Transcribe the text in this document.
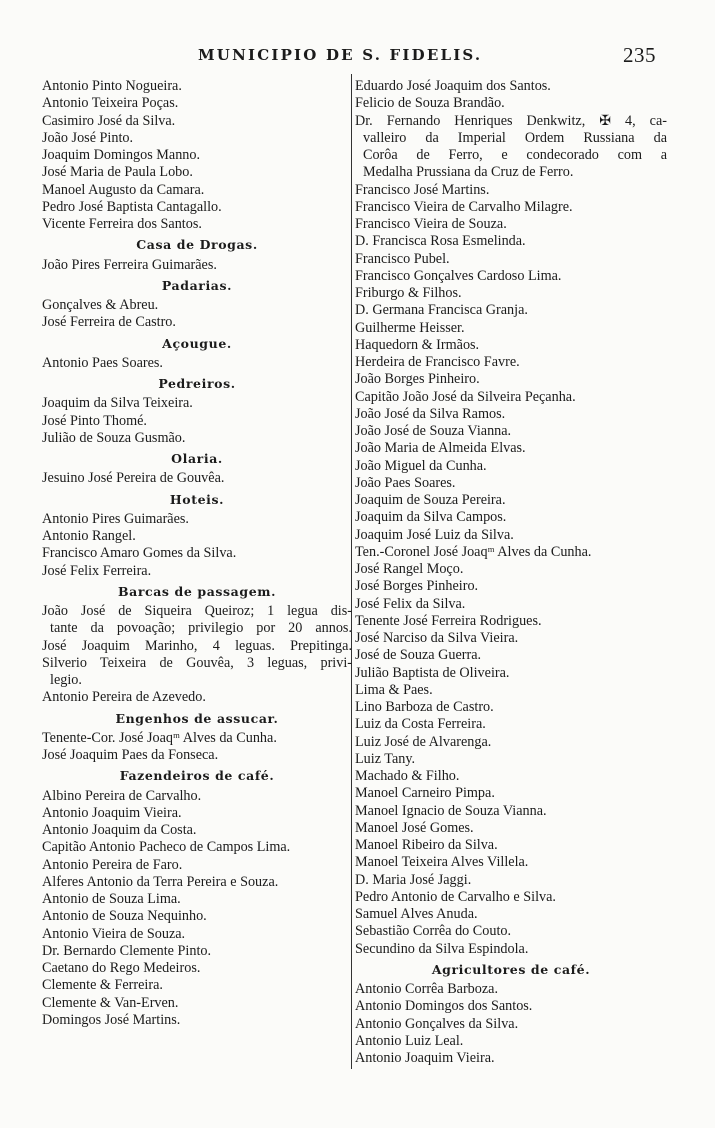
MUNICIPIO DE S. FIDELIS.	235
Antonio Pinto Nogueira.
Antonio Teixeira Poças.
Casimiro José da Silva.
João José Pinto.
Joaquim Domingos Manno.
José Maria de Paula Lobo.
Manoel Augusto da Camara.
Pedro José Baptista Cantagallo.
Vicente Ferreira dos Santos.
Casa de Drogas.
João Pires Ferreira Guimarães.
Padarias.
Gonçalves & Abreu.
José Ferreira de Castro.
Açougue.
Antonio Paes Soares.
Pedreiros.
Joaquim da Silva Teixeira.
José Pinto Thomé.
Julião de Souza Gusmão.
Olaria.
Jesuino José Pereira de Gouvêa.
Hoteis.
Antonio Pires Guimarães.
Antonio Rangel.
Francisco Amaro Gomes da Silva.
José Felix Ferreira.
Barcas de passagem.
João José de Siqueira Queiroz; 1 legua dis-
tante da povoação; privilegio por 20 annos.
José Joaquim Marinho, 4 leguas. Prepitinga.
Silverio Teixeira de Gouvêa, 3 leguas, privi-
legio.
Antonio Pereira de Azevedo.
Engenhos de assucar.
Tenente-Cor. José Joaqᵐ Alves da Cunha.
José Joaquim Paes da Fonseca.
Fazendeiros de café.
Albino Pereira de Carvalho.
Antonio Joaquim Vieira.
Antonio Joaquim da Costa.
Capitão Antonio Pacheco de Campos Lima.
Antonio Pereira de Faro.
Alferes Antonio da Terra Pereira e Souza.
Antonio de Souza Lima.
Antonio de Souza Nequinho.
Antonio Vieira de Souza.
Dr. Bernardo Clemente Pinto.
Caetano do Rego Medeiros.
Clemente & Ferreira.
Clemente & Van-Erven.
Domingos José Martins.
Eduardo José Joaquim dos Santos.
Felicio de Souza Brandão.
Dr. Fernando Henriques Denkwitz, ✠ 4, ca-
valleiro da Imperial Ordem Russiana da
Corôa de Ferro, e condecorado com a
Medalha Prussiana da Cruz de Ferro.
Francisco José Martins.
Francisco Vieira de Carvalho Milagre.
Francisco Vieira de Souza.
D. Francisca Rosa Esmelinda.
Francisco Pubel.
Francisco Gonçalves Cardoso Lima.
Friburgo & Filhos.
D. Germana Francisca Granja.
Guilherme Heisser.
Haquedorn & Irmãos.
Herdeira de Francisco Favre.
João Borges Pinheiro.
Capitão João José da Silveira Peçanha.
João José da Silva Ramos.
João José de Souza Vianna.
João Maria de Almeida Elvas.
João Miguel da Cunha.
João Paes Soares.
Joaquim de Souza Pereira.
Joaquim da Silva Campos.
Joaquim José Luiz da Silva.
Ten.-Coronel José Joaqᵐ Alves da Cunha.
José Rangel Moço.
José Borges Pinheiro.
José Felix da Silva.
Tenente José Ferreira Rodrigues.
José Narciso da Silva Vieira.
José de Souza Guerra.
Julião Baptista de Oliveira.
Lima & Paes.
Lino Barboza de Castro.
Luiz da Costa Ferreira.
Luiz José de Alvarenga.
Luiz Tany.
Machado & Filho.
Manoel Carneiro Pimpa.
Manoel Ignacio de Souza Vianna.
Manoel José Gomes.
Manoel Ribeiro da Silva.
Manoel Teixeira Alves Villela.
D. Maria José Jaggi.
Pedro Antonio de Carvalho e Silva.
Samuel Alves Anuda.
Sebastião Corrêa do Couto.
Secundino da Silva Espindola.
Agricultores de café.
Antonio Corrêa Barboza.
Antonio Domingos dos Santos.
Antonio Gonçalves da Silva.
Antonio Luiz Leal.
Antonio Joaquim Vieira.
